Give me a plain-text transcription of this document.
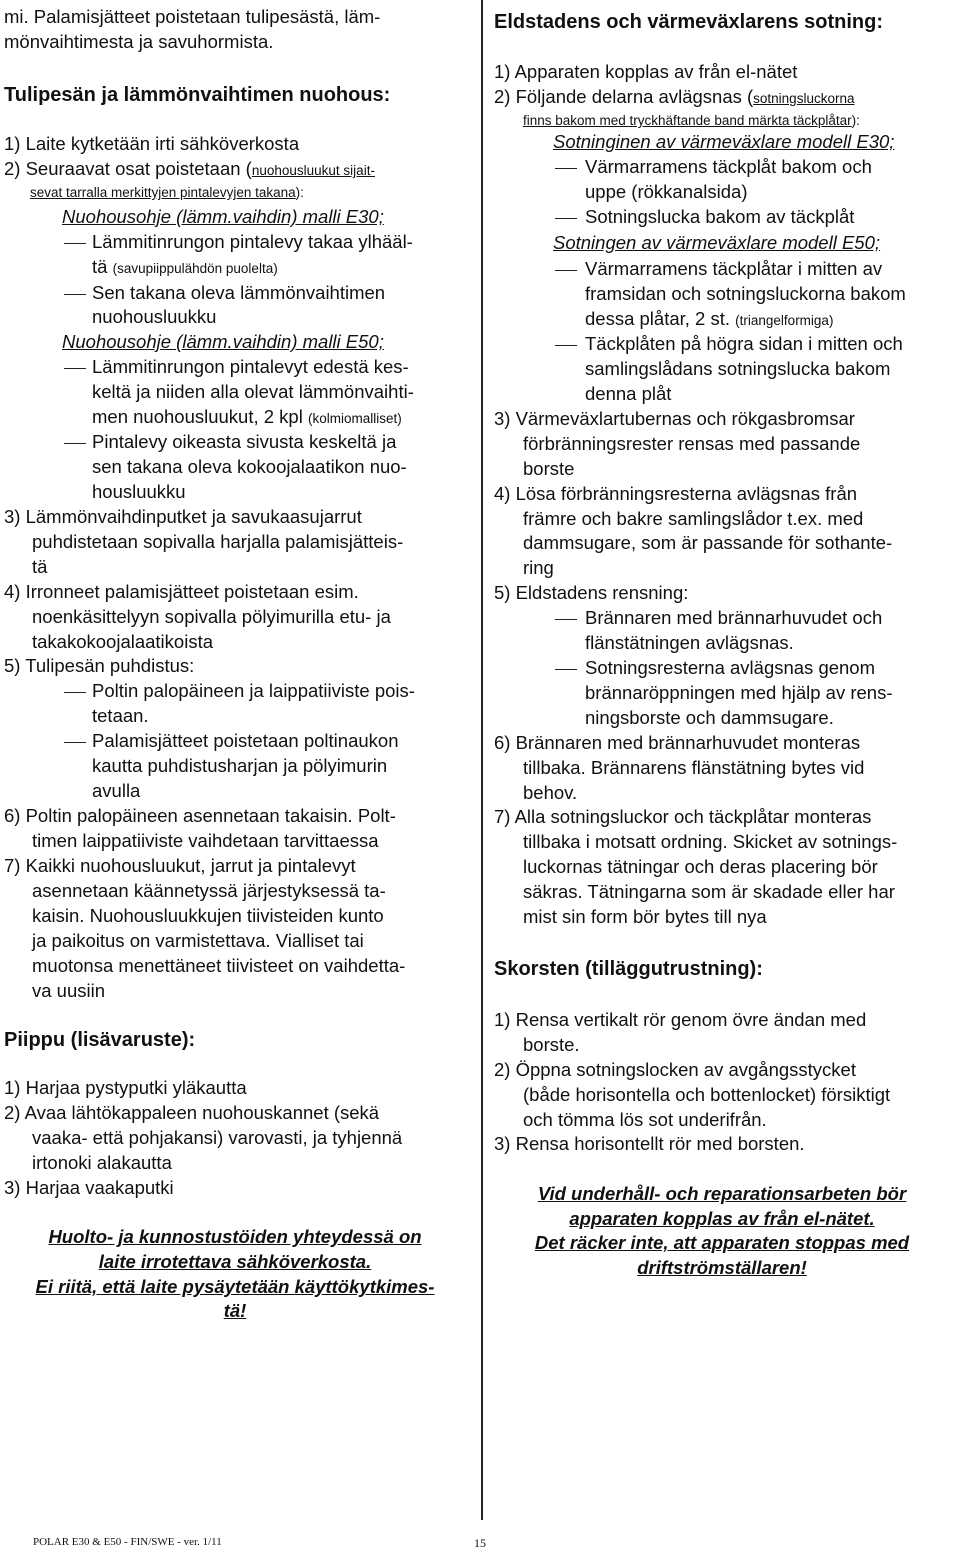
mi. Palamisjätteet poistetaan tulipesästä, läm-
mönvaihtimesta ja savuhormista.
Tulipesän ja lämmönvaihtimen nuohous:
1) Laite kytketään irti sähköverkosta
2) Seuraavat osat poistetaan (nuohousluukut sijait-
sevat tarralla merkittyjen pintalevyjen takana):
Nuohousohje (lämm.vaihdin) malli E30;
Lämmitinrungon pintalevy takaa ylhääl-
tä (savupiippulähdön puolelta)
Sen takana oleva lämmönvaihtimen
nuohousluukku
Nuohousohje (lämm.vaihdin) malli E50;
Lämmitinrungon pintalevyt edestä kes-
keltä ja niiden alla olevat lämmönvaihti-
men nuohousluukut, 2 kpl (kolmiomalliset)
Pintalevy oikeasta sivusta keskeltä ja
sen takana oleva kokoojalaatikon nuo-
housluukku
3) Lämmönvaihdinputket ja savukaasujarrut
puhdistetaan sopivalla harjalla palamisjätteis-
tä
4) Irronneet palamisjätteet poistetaan esim.
noenkäsittelyyn sopivalla pölyimurilla etu- ja
takakokoojalaatikoista
5) Tulipesän puhdistus:
Poltin palopäineen ja laippatiiviste pois-
tetaan.
Palamisjätteet poistetaan poltinaukon
kautta puhdistusharjan ja pölyimurin
avulla
6) Poltin palopäineen asennetaan takaisin. Polt-
timen laippatiiviste vaihdetaan tarvittaessa
7) Kaikki nuohousluukut, jarrut ja pintalevyt
asennetaan käännetyssä järjestyksessä ta-
kaisin. Nuohousluukkujen tiivisteiden kunto
ja paikoitus on varmistettava. Vialliset tai
muotonsa menettäneet tiivisteet on vaihdetta-
va uusiin
Piippu (lisävaruste):
1) Harjaa pystyputki yläkautta
2) Avaa lähtökappaleen nuohouskannet (sekä
vaaka- että pohjakansi) varovasti, ja tyhjennä
irtonoki alakautta
3) Harjaa vaakaputki
Huolto- ja kunnostustöiden yhteydessä on
laite irrotettava sähköverkosta.
Ei riitä, että laite pysäytetään käyttökytkimes-
tä!
Eldstadens och värmeväxlarens sotning:
1) Apparaten kopplas av från el-nätet
2) Följande delarna avlägsnas (sotningsluckorna
finns bakom med tryckhäftande band märkta täckplåtar):
Sotninginen av värmeväxlare modell E30;
Värmarramens täckplåt bakom och
uppe (rökkanalsida)
Sotningslucka bakom av täckplåt
Sotningen av värmeväxlare modell E50;
Värmarramens täckplåtar i mitten av
framsidan och sotningsluckorna bakom
dessa plåtar, 2 st. (triangelformiga)
Täckplåten på högra sidan i mitten och
samlingslådans sotningslucka bakom
denna plåt
3) Värmeväxlartubernas och rökgasbromsar
förbränningsrester rensas med passande
borste
4) Lösa förbränningsresterna avlägsnas från
främre och bakre samlingslådor t.ex. med
dammsugare, som är passande för sothante-
ring
5) Eldstadens rensning:
Brännaren med brännarhuvudet och
flänstätningen avlägsnas.
Sotningsresterna avlägsnas genom
brännaröppningen med hjälp av rens-
ningsborste och dammsugare.
6) Brännaren med brännarhuvudet monteras
tillbaka. Brännarens flänstätning bytes vid
behov.
7) Alla sotningsluckor och täckplåtar monteras
tillbaka i motsatt ordning. Skicket av sotnings-
luckornas tätningar och deras placering bör
säkras. Tätningarna som är skadade eller har
mist sin form bör bytes till nya
Skorsten (tilläggutrustning):
1) Rensa vertikalt rör genom övre ändan med
borste.
2) Öppna sotningslocken av avgångsstycket
(både horisontella och bottenlocket) försiktigt
och tömma lös sot underifrån.
3) Rensa horisontellt rör med borsten.
Vid underhåll- och reparationsarbeten bör
apparaten kopplas av från el-nätet.
Det räcker inte, att apparaten stoppas med
driftströmställaren!
POLAR E30 & E50 - FIN/SWE - ver. 1/11	15
